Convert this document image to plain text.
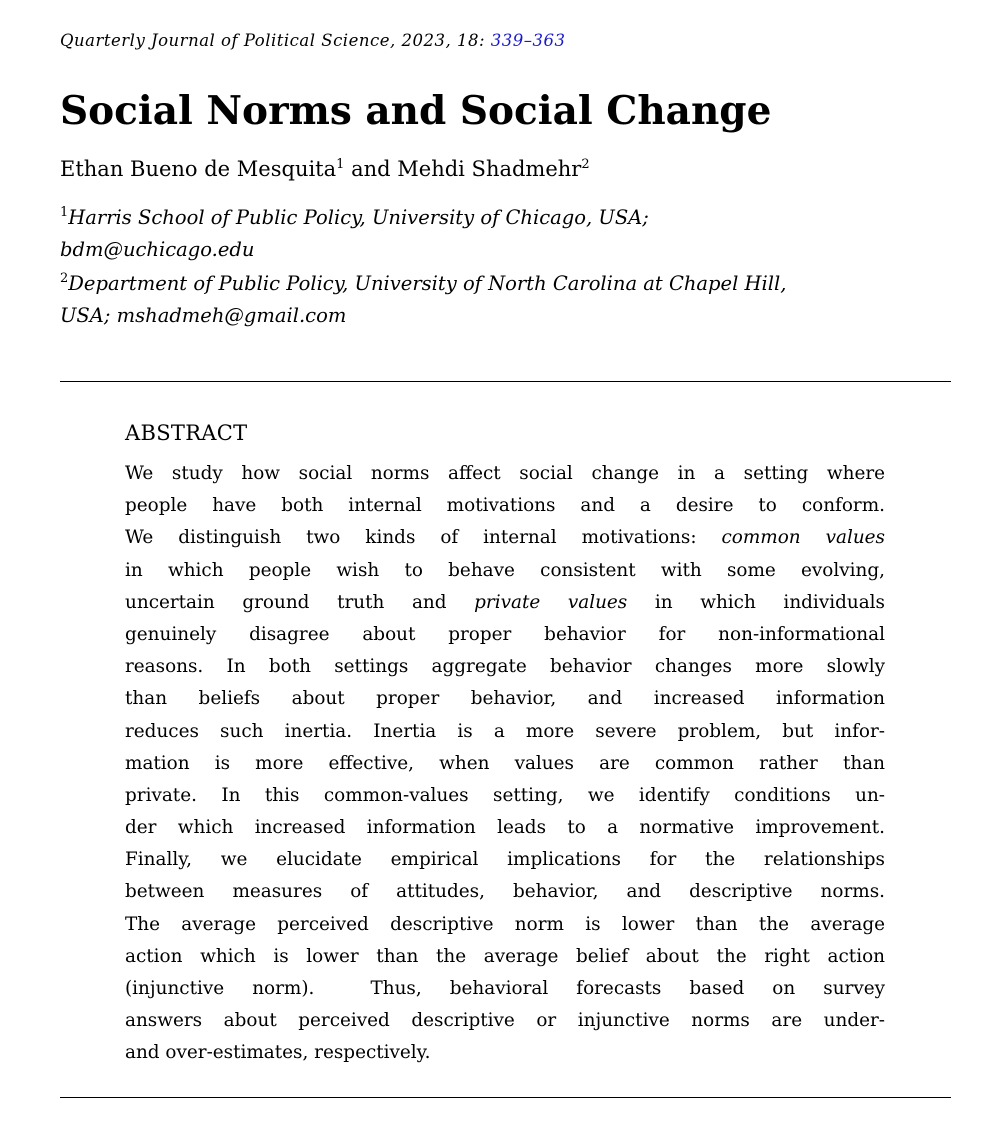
Quarterly Journal of Political Science, 2023, 18: 339–363
Social Norms and Social Change
Ethan Bueno de Mesquita$^1$ and Mehdi Shadmehr$^2$
$^1$Harris School of Public Policy, University of Chicago, USA;
bdm@uchicago.edu
$^2$Department of Public Policy, University of North Carolina at Chapel Hill,
USA; mshadmeh@gmail.com
ABSTRACT
We study how social norms affect social change in a setting where
people have both internal motivations and a desire to conform.
We distinguish two kinds of internal motivations: common values
in which people wish to behave consistent with some evolving,
uncertain ground truth and private values in which individuals
genuinely disagree about proper behavior for non-informational
reasons. In both settings aggregate behavior changes more slowly
than beliefs about proper behavior, and increased information
reduces such inertia. Inertia is a more severe problem, but infor-
mation is more effective, when values are common rather than
private. In this common-values setting, we identify conditions un-
der which increased information leads to a normative improvement.
Finally, we elucidate empirical implications for the relationships
between measures of attitudes, behavior, and descriptive norms.
The average perceived descriptive norm is lower than the average
action which is lower than the average belief about the right action
(injunctive norm).  Thus, behavioral forecasts based on survey
answers about perceived descriptive or injunctive norms are under-
and over-estimates, respectively.
